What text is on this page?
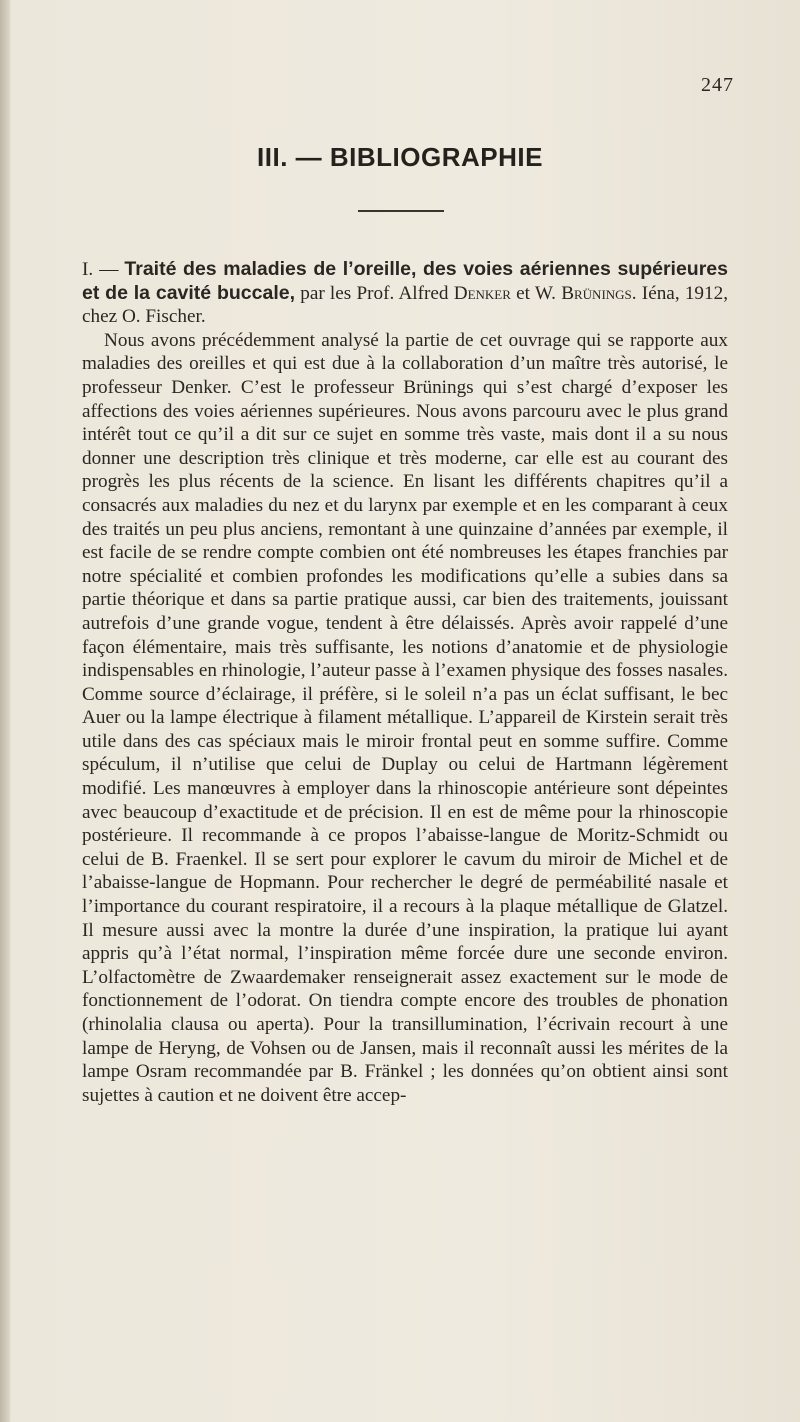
247
III. — BIBLIOGRAPHIE

I. — Traité des maladies de l’oreille, des voies aériennes supérieures et de la cavité buccale, par les Prof. Alfred Denker et W. Brünings. Iéna, 1912, chez O. Fischer.

Nous avons précédemment analysé la partie de cet ouvrage qui se rapporte aux maladies des oreilles et qui est due à la collaboration d’un maître très autorisé, le professeur Denker. C’est le professeur Brünings qui s’est chargé d’exposer les affections des voies aériennes supérieures. Nous avons parcouru avec le plus grand intérêt tout ce qu’il a dit sur ce sujet en somme très vaste, mais dont il a su nous donner une description très clinique et très moderne, car elle est au courant des progrès les plus récents de la science. En lisant les différents chapitres qu’il a consacrés aux maladies du nez et du larynx par exemple et en les comparant à ceux des traités un peu plus anciens, remontant à une quinzaine d’années par exemple, il est facile de se rendre compte combien ont été nombreuses les étapes franchies par notre spécialité et combien profondes les modifications qu’elle a subies dans sa partie théorique et dans sa partie pratique aussi, car bien des traitements, jouissant autrefois d’une grande vogue, tendent à être délaissés. Après avoir rappelé d’une façon élémentaire, mais très suffisante, les notions d’anatomie et de physiologie indispensables en rhinologie, l’auteur passe à l’examen physique des fosses nasales. Comme source d’éclairage, il préfère, si le soleil n’a pas un éclat suffisant, le bec Auer ou la lampe électrique à filament métallique. L’appareil de Kirstein serait très utile dans des cas spéciaux mais le miroir frontal peut en somme suffire. Comme spéculum, il n’utilise que celui de Duplay ou celui de Hartmann légèrement modifié. Les manœuvres à employer dans la rhinoscopie antérieure sont dépeintes avec beaucoup d’exactitude et de précision. Il en est de même pour la rhinoscopie postérieure. Il recommande à ce propos l’abaisse-langue de Moritz-Schmidt ou celui de B. Fraenkel. Il se sert pour explorer le cavum du miroir de Michel et de l’abaisse-langue de Hopmann. Pour rechercher le degré de perméabilité nasale et l’importance du courant respiratoire, il a recours à la plaque métallique de Glatzel. Il mesure aussi avec la montre la durée d’une inspiration, la pratique lui ayant appris qu’à l’état normal, l’inspiration même forcée dure une seconde environ. L’olfactomètre de Zwaardemaker renseignerait assez exactement sur le mode de fonctionnement de l’odorat. On tiendra compte encore des troubles de phonation (rhinolalia clausa ou aperta). Pour la transillumination, l’écrivain recourt à une lampe de Heryng, de Vohsen ou de Jansen, mais il reconnaît aussi les mérites de la lampe Osram recommandée par B. Fränkel ; les données qu’on obtient ainsi sont sujettes à caution et ne doivent être accep-
